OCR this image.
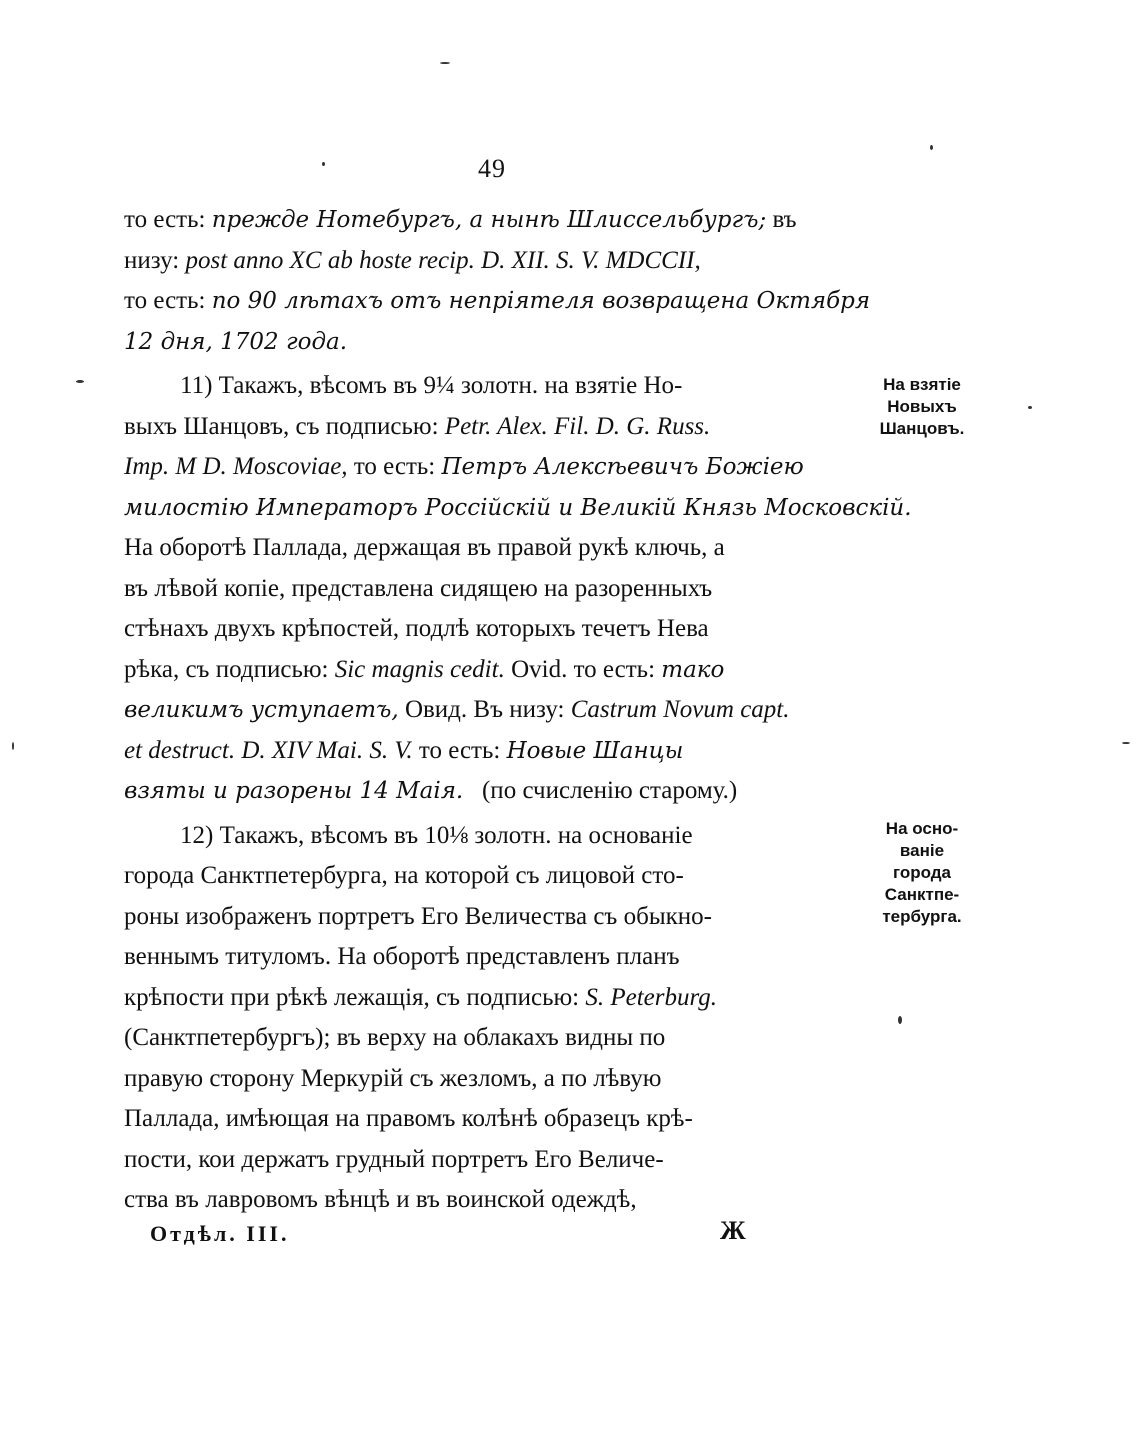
49
то есть: прежде Нотебургъ, а нынѣ Шлиссельбургъ; въ
низу: post anno XC ab hoste recip. D. XII. S. V. MDCCII,
то есть: по 90 лѣтахъ отъ непрiятеля возвращена Октября
12 дня, 1702 года.
11) Такажъ, вѣсомъ въ 9¼ золотн. на взятiе Но-
выхъ Шанцовъ, съ подписью: Petr. Alex. Fil. D. G. Russ.
Imp. M D. Moscoviae, то есть: Петръ Алексѣевичъ Божiею
милостiю Императоръ Россiйскiй и Великiй Князь Московскiй.
На оборотѣ Паллада, держащая въ правой рукѣ ключь, а
въ лѣвой копiе, представлена сидящею на разоренныхъ
стѣнахъ двухъ крѣпостей, подлѣ которыхъ течетъ Нева
рѣка, съ подписью: Sic magnis cedit. Ovid. то есть: тако
великимъ уступаетъ, Овид. Въ низу: Castrum Novum capt.
et destruct. D. XIV Mai. S. V. то есть: Новые Шанцы
взяты и разорены 14 Маiя.   (по счисленiю старому.)
12) Такажъ, вѣсомъ въ 10⅛ золотн. на основанiе
города Санктпетербурга, на которой съ лицовой сто-
роны изображенъ портретъ Его Величества съ обыкно-
веннымъ титуломъ. На оборотѣ представленъ планъ
крѣпости при рѣкѣ лежащiя, съ подписью: S. Peterburg.
(Санктпетербургъ); въ верху на облакахъ видны по
правую сторону Меркурiй съ жезломъ, а по лѣвую
Паллада, имѣющая на правомъ колѣнѣ образецъ крѣ-
пости, кои держатъ грудный портретъ Его Величе-
ства въ лавровомъ вѣнцѣ и въ воинской одеждѣ,
На взятiе
Новыхъ
Шанцовъ.
На осно-
ванiе
города
Санктпе-
тербурга.
Отдѣл. III.	Ж
